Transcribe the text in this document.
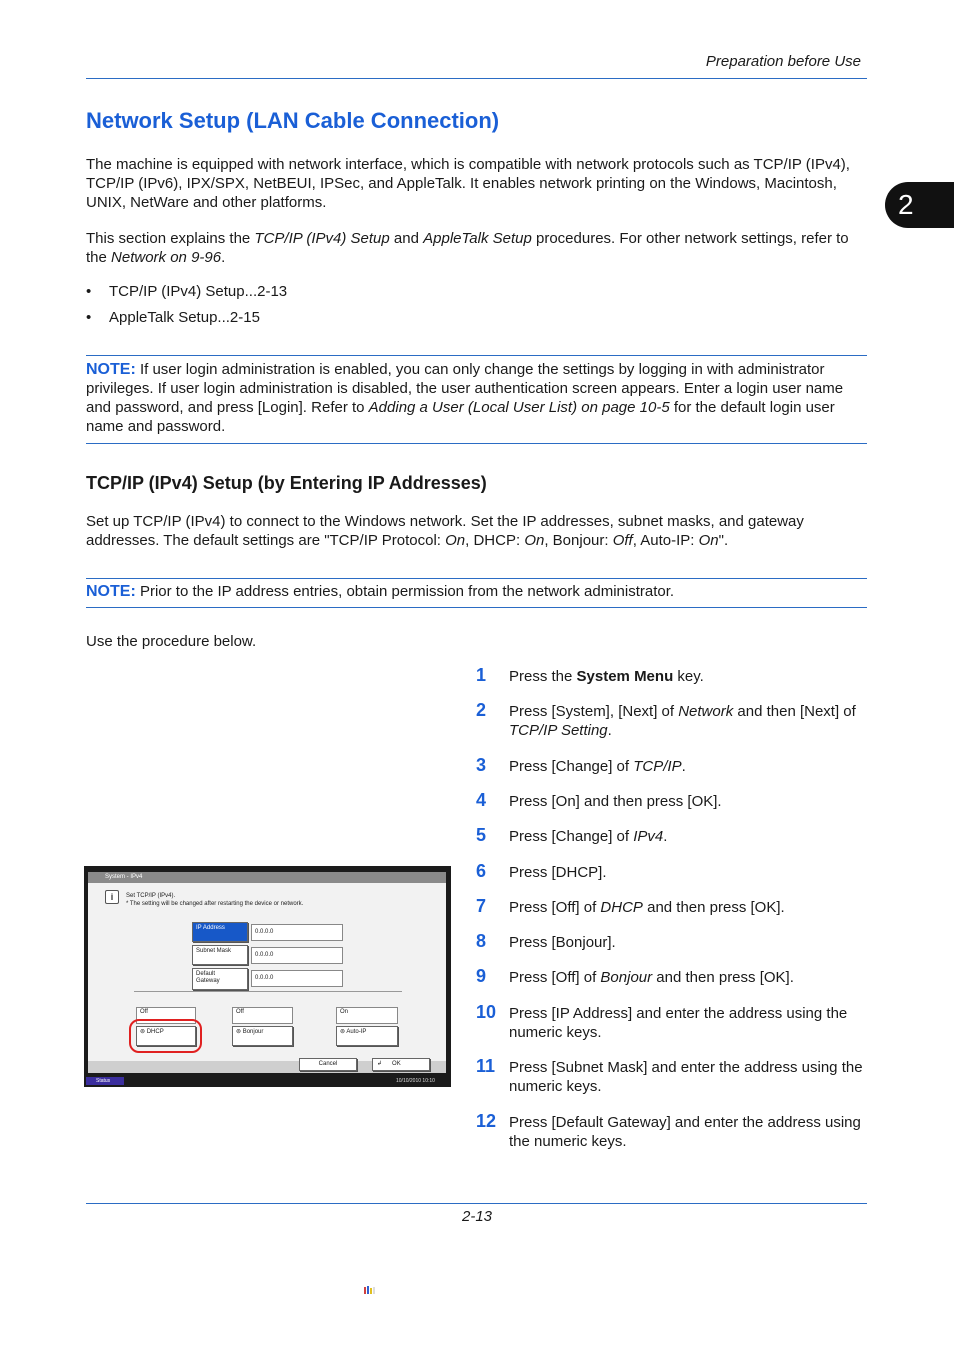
Preparation before Use
2
Network Setup (LAN Cable Connection)
The machine is equipped with network interface, which is compatible with network protocols such as TCP/IP (IPv4), TCP/IP (IPv6), IPX/SPX, NetBEUI, IPSec, and AppleTalk. It enables network printing on the Windows, Macintosh, UNIX, NetWare and other platforms.
This section explains the TCP/IP (IPv4) Setup and AppleTalk Setup procedures. For other network settings, refer to the Network on 9-96.
• TCP/IP (IPv4) Setup...2-13
• AppleTalk Setup...2-15
NOTE: If user login administration is enabled, you can only change the settings by logging in with administrator privileges. If user login administration is disabled, the user authentication screen appears. Enter a login user name and password, and press [Login]. Refer to Adding a User (Local User List) on page 10-5 for the default login user name and password.
TCP/IP (IPv4) Setup (by Entering IP Addresses)
Set up TCP/IP (IPv4) to connect to the Windows network. Set the IP addresses, subnet masks, and gateway addresses. The default settings are "TCP/IP Protocol: On, DHCP: On, Bonjour: Off, Auto-IP: On".
NOTE: Prior to the IP address entries, obtain permission from the network administrator.
Use the procedure below.
1	Press the System Menu key.
2	Press [System], [Next] of Network and then [Next] of TCP/IP Setting.
3	Press [Change] of TCP/IP.
4	Press [On] and then press [OK].
5	Press [Change] of IPv4.
6	Press [DHCP].
7	Press [Off] of DHCP and then press [OK].
8	Press [Bonjour].
9	Press [Off] of Bonjour and then press [OK].
10 Press [IP Address] and enter the address using the numeric keys.
11 Press [Subnet Mask] and enter the address using the numeric keys.
12 Press [Default Gateway] and enter the address using the numeric keys.
System - IPv4
i	Set TCP/IP (IPv4).
* The setting will be changed after restarting the device or network.
IP Address
0.0.0.0
Subnet Mask
0.0.0.0
Default
Gateway	0.0.0.0
Off
⊚ DHCP
Off
⊚ Bonjour
On
⊚ Auto-IP
Cancel	↲ OK
Status	10/10/2010 10:10
2-13
